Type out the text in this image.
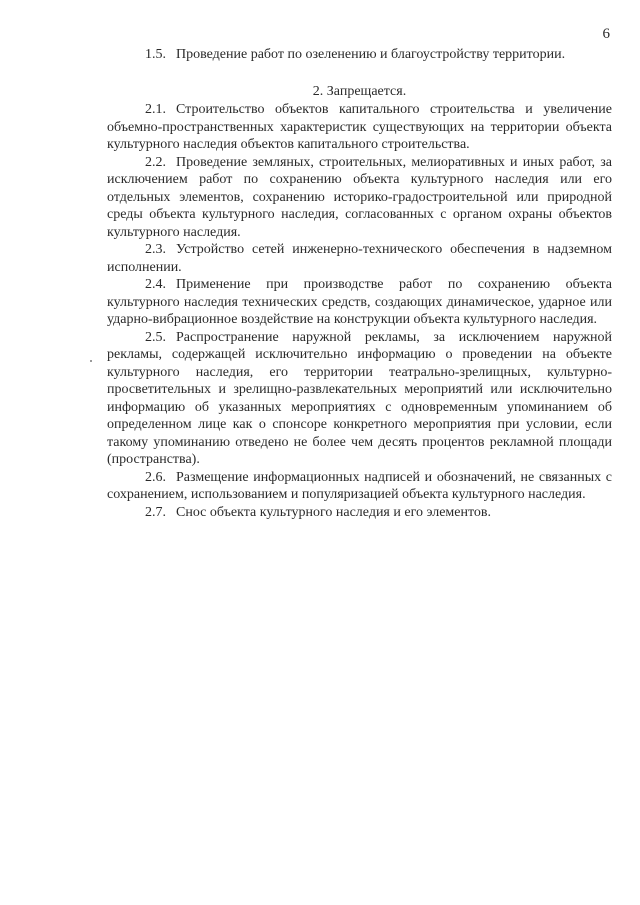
6

1.5. Проведение работ по озеленению и благоустройству территории.

2. Запрещается.

2.1. Строительство объектов капитального строительства и увеличение объемно-пространственных характеристик существующих на территории объекта культурного наследия объектов капитального строительства.

2.2. Проведение земляных, строительных, мелиоративных и иных работ, за исключением работ по сохранению объекта культурного наследия или его отдельных элементов, сохранению историко-градостроительной или природной среды объекта культурного наследия, согласованных с органом охраны объектов культурного наследия.

2.3. Устройство сетей инженерно-технического обеспечения в надземном исполнении.

2.4. Применение при производстве работ по сохранению объекта культурного наследия технических средств, создающих динамическое, ударное или ударно-вибрационное воздействие на конструкции объекта культурного наследия.

2.5. Распространение наружной рекламы, за исключением наружной рекламы, содержащей исключительно информацию о проведении на объекте культурного наследия, его территории театрально-зрелищных, культурно-просветительных и зрелищно-развлекательных мероприятий или исключительно информацию об указанных мероприятиях с одновременным упоминанием об определенном лице как о спонсоре конкретного мероприятия при условии, если такому упоминанию отведено не более чем десять процентов рекламной площади (пространства).

2.6. Размещение информационных надписей и обозначений, не связанных с сохранением, использованием и популяризацией объекта культурного наследия.

2.7. Снос объекта культурного наследия и его элементов.
